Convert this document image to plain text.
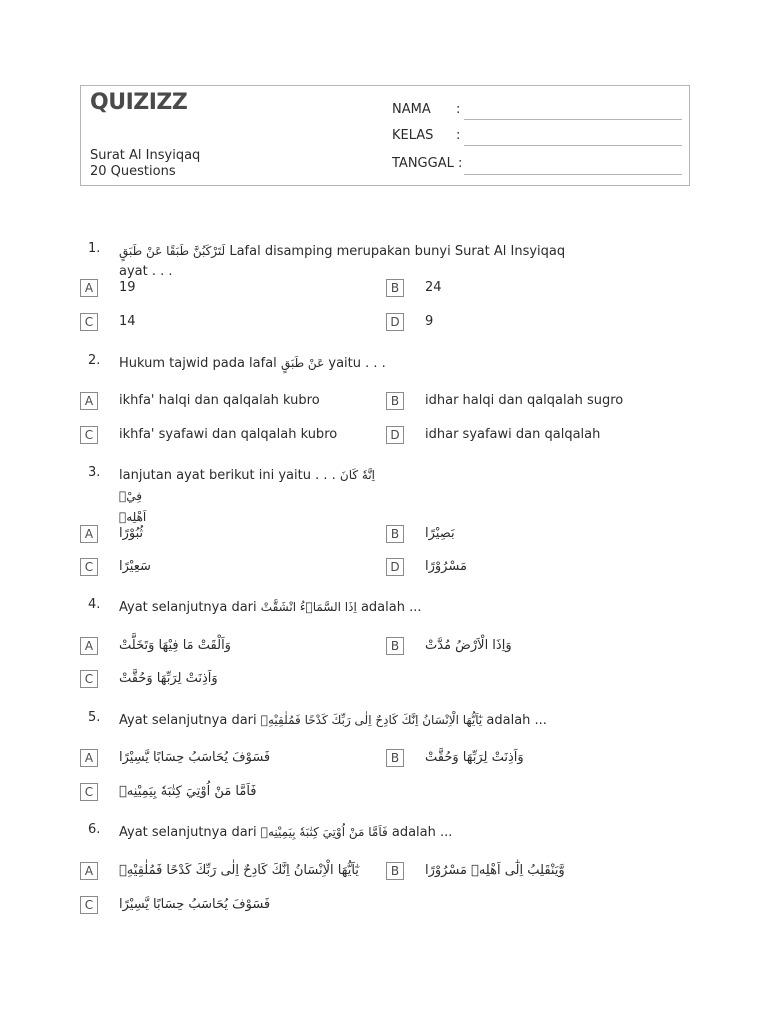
QUIZIZZ
Surat Al Insyiqaq
20 Questions
NAMA :
KELAS :
TANGGAL :
1. لَتَرْكَبُنَّ طَبَقًا عَنْ طَبَقٍ Lafal disamping merupakan bunyi Surat Al Insyiqaq ayat . . .
A	19	B	24
C	14	D	9
2. Hukum tajwid pada lafal عَنْ طَبَقٍ yaitu . . .
A	ikhfa' halqi dan qalqalah kubro	B	idhar halqi dan qalqalah sugro
C	ikhfa' syafawi dan qalqalah kubro	D	idhar syafawi dan qalqalah
3. lanjutan ayat berikut ini yaitu . . . اِنَّهٗ كَانَ فِيْۤ
اَهْلِهٖ
A	ثُبُوْرًا	B	بَصِيْرًا
C	سَعِيْرًا	D	مَسْرُوْرًا
4. Ayat selanjutnya dari اِذَا السَّمَاۤءُ انْشَقَّتْ adalah ...
A	وَاَلْقَتْ مَا فِيْهَا وَتَخَلَّتْ	B	وَاِذَا الْاَرْضُ مُدَّتْ
C	وَاَذِنَتْ لِرَبِّهَا وَحُقَّتْ
5. Ayat selanjutnya dari يٰٓاَيُّهَا الْاِنْسَانُ اِنَّكَ كَادِحٌ اِلٰى رَبِّكَ كَدْحًا فَمُلٰقِيْهِۚ adalah ...
A	فَسَوْفَ يُحَاسَبُ حِسَابًا يَّسِيْرًا	B	وَاَذِنَتْ لِرَبِّهَا وَحُقَّتْ
C	فَاَمَّا مَنْ اُوْتِيَ كِتٰبَهٗ بِيَمِيْنِهٖ
6. Ayat selanjutnya dari فَاَمَّا مَنْ اُوْتِيَ كِتٰبَهٗ بِيَمِيْنِهٖ adalah ...
A	يٰٓاَيُّهَا الْاِنْسَانُ اِنَّكَ كَادِحٌ اِلٰى رَبِّكَ كَدْحًا فَمُلٰقِيْهِۚ	B	وَّيَنْقَلِبُ اِلٰٓى اَهْلِهٖ مَسْرُوْرًا
C	فَسَوْفَ يُحَاسَبُ حِسَابًا يَّسِيْرًا
